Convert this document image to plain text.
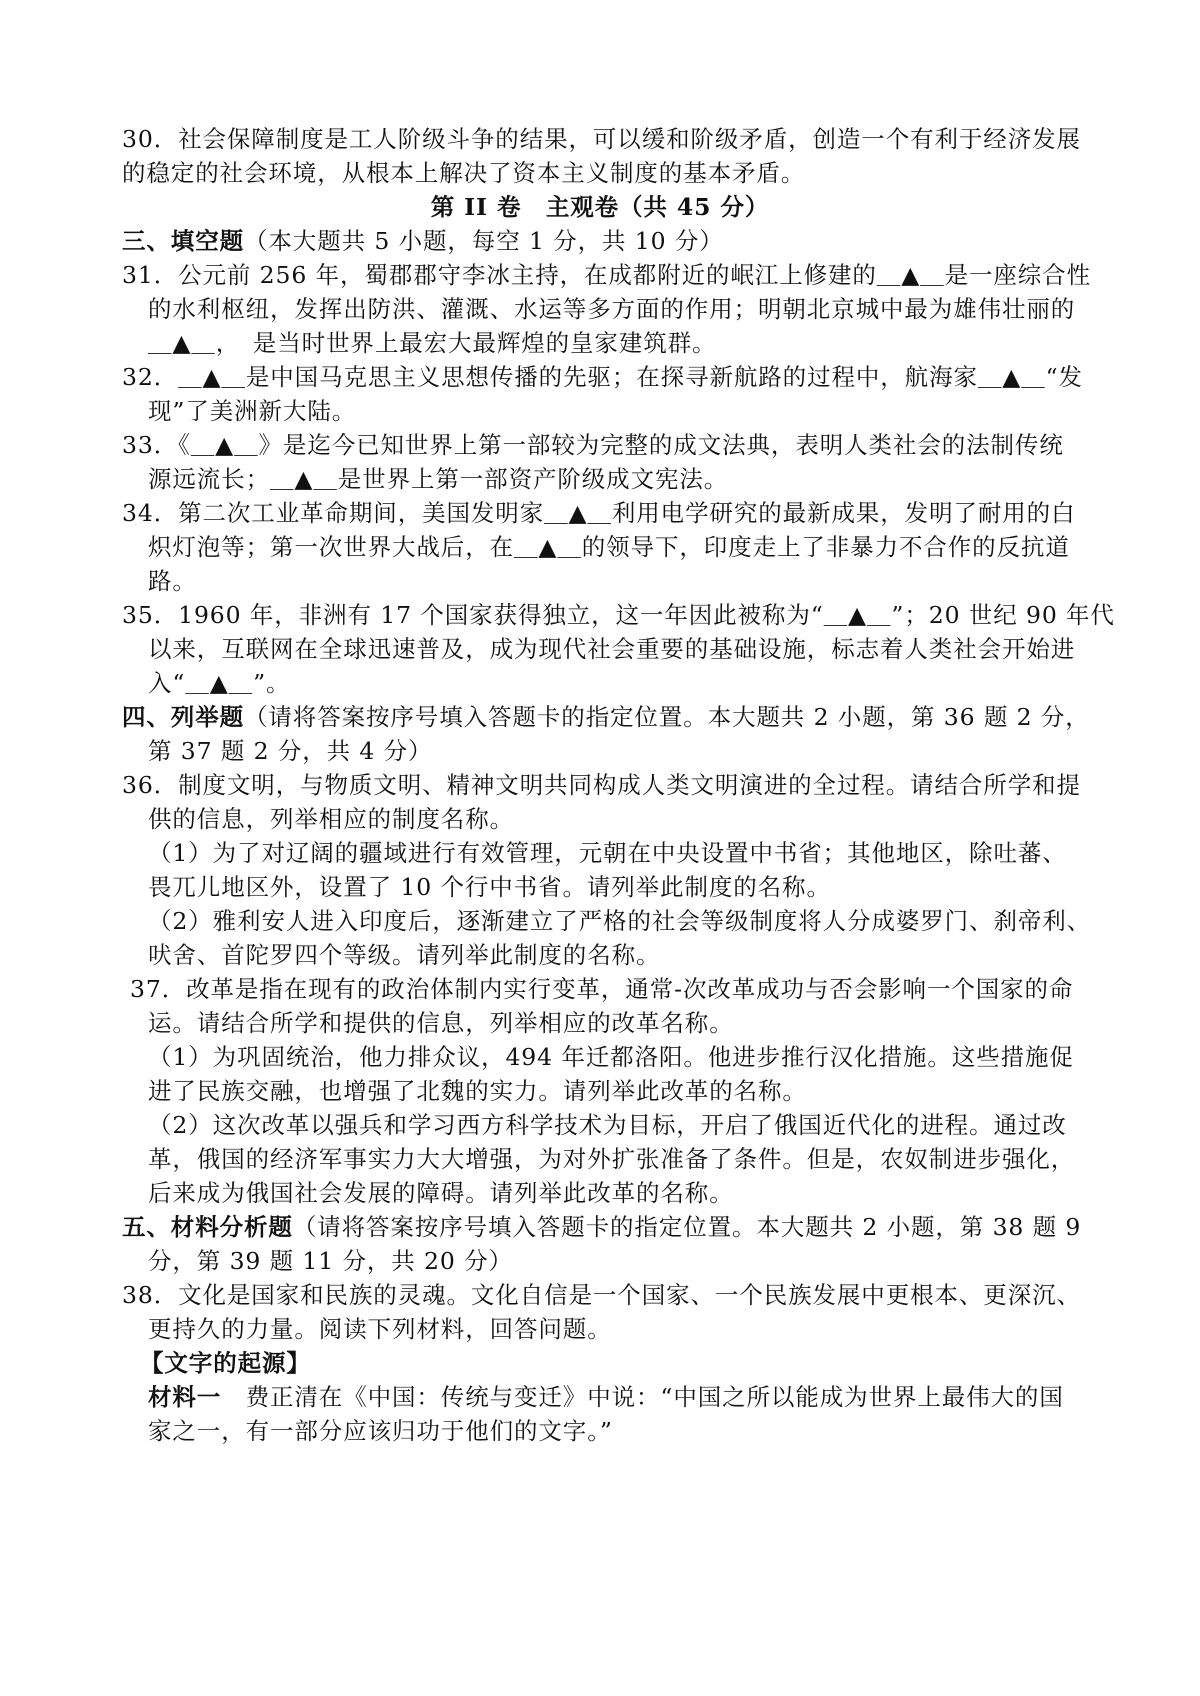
30．社会保障制度是工人阶级斗争的结果，可以缓和阶级矛盾，创造一个有利于经济发展
的稳定的社会环境，从根本上解决了资本主义制度的基本矛盾。
第 II 卷　主观卷（共 45 分）
三、填空题（本大题共 5 小题，每空 1 分，共 10 分）
31．公元前 256 年，蜀郡郡守李冰主持，在成都附近的岷江上修建的＿▲＿是一座综合性
的水利枢纽，发挥出防洪、灌溉、水运等多方面的作用；明朝北京城中最为雄伟壮丽的
＿▲＿，　是当时世界上最宏大最辉煌的皇家建筑群。
32．＿▲＿是中国马克思主义思想传播的先驱；在探寻新航路的过程中，航海家＿▲＿“发
现”了美洲新大陆。
33．《＿▲＿》是迄今已知世界上第一部较为完整的成文法典，表明人类社会的法制传统
源远流长；＿▲＿是世界上第一部资产阶级成文宪法。
34．第二次工业革命期间，美国发明家＿▲＿利用电学研究的最新成果，发明了耐用的白
炽灯泡等；第一次世界大战后，在＿▲＿的领导下，印度走上了非暴力不合作的反抗道
路。
35．1960 年，非洲有 17 个国家获得独立，这一年因此被称为“＿▲＿”；20 世纪 90 年代
以来，互联网在全球迅速普及，成为现代社会重要的基础设施，标志着人类社会开始进
入“＿▲＿”。
四、列举题（请将答案按序号填入答题卡的指定位置。本大题共 2 小题，第 36 题 2 分，
第 37 题 2 分，共 4 分）
36．制度文明，与物质文明、精神文明共同构成人类文明演进的全过程。请结合所学和提
供的信息，列举相应的制度名称。
（1）为了对辽阔的疆域进行有效管理，元朝在中央设置中书省；其他地区，除吐蕃、
畏兀儿地区外，设置了 10 个行中书省。请列举此制度的名称。
（2）雅利安人进入印度后，逐渐建立了严格的社会等级制度将人分成婆罗门、刹帝利、
吠舍、首陀罗四个等级。请列举此制度的名称。
37．改革是指在现有的政治体制内实行变革，通常-次改革成功与否会影响一个国家的命
运。请结合所学和提供的信息，列举相应的改革名称。
（1）为巩固统治，他力排众议，494 年迁都洛阳。他进步推行汉化措施。这些措施促
进了民族交融，也增强了北魏的实力。请列举此改革的名称。
（2）这次改革以强兵和学习西方科学技术为目标，开启了俄国近代化的进程。通过改
革，俄国的经济军事实力大大增强，为对外扩张准备了条件。但是，农奴制进步强化，
后来成为俄国社会发展的障碍。请列举此改革的名称。
五、材料分析题（请将答案按序号填入答题卡的指定位置。本大题共 2 小题，第 38 题 9
分，第 39 题 11 分，共 20 分）
38．文化是国家和民族的灵魂。文化自信是一个国家、一个民族发展中更根本、更深沉、
更持久的力量。阅读下列材料，回答问题。
【文字的起源】
材料一　费正清在《中国：传统与变迁》中说：“中国之所以能成为世界上最伟大的国
家之一，有一部分应该归功于他们的文字。”
